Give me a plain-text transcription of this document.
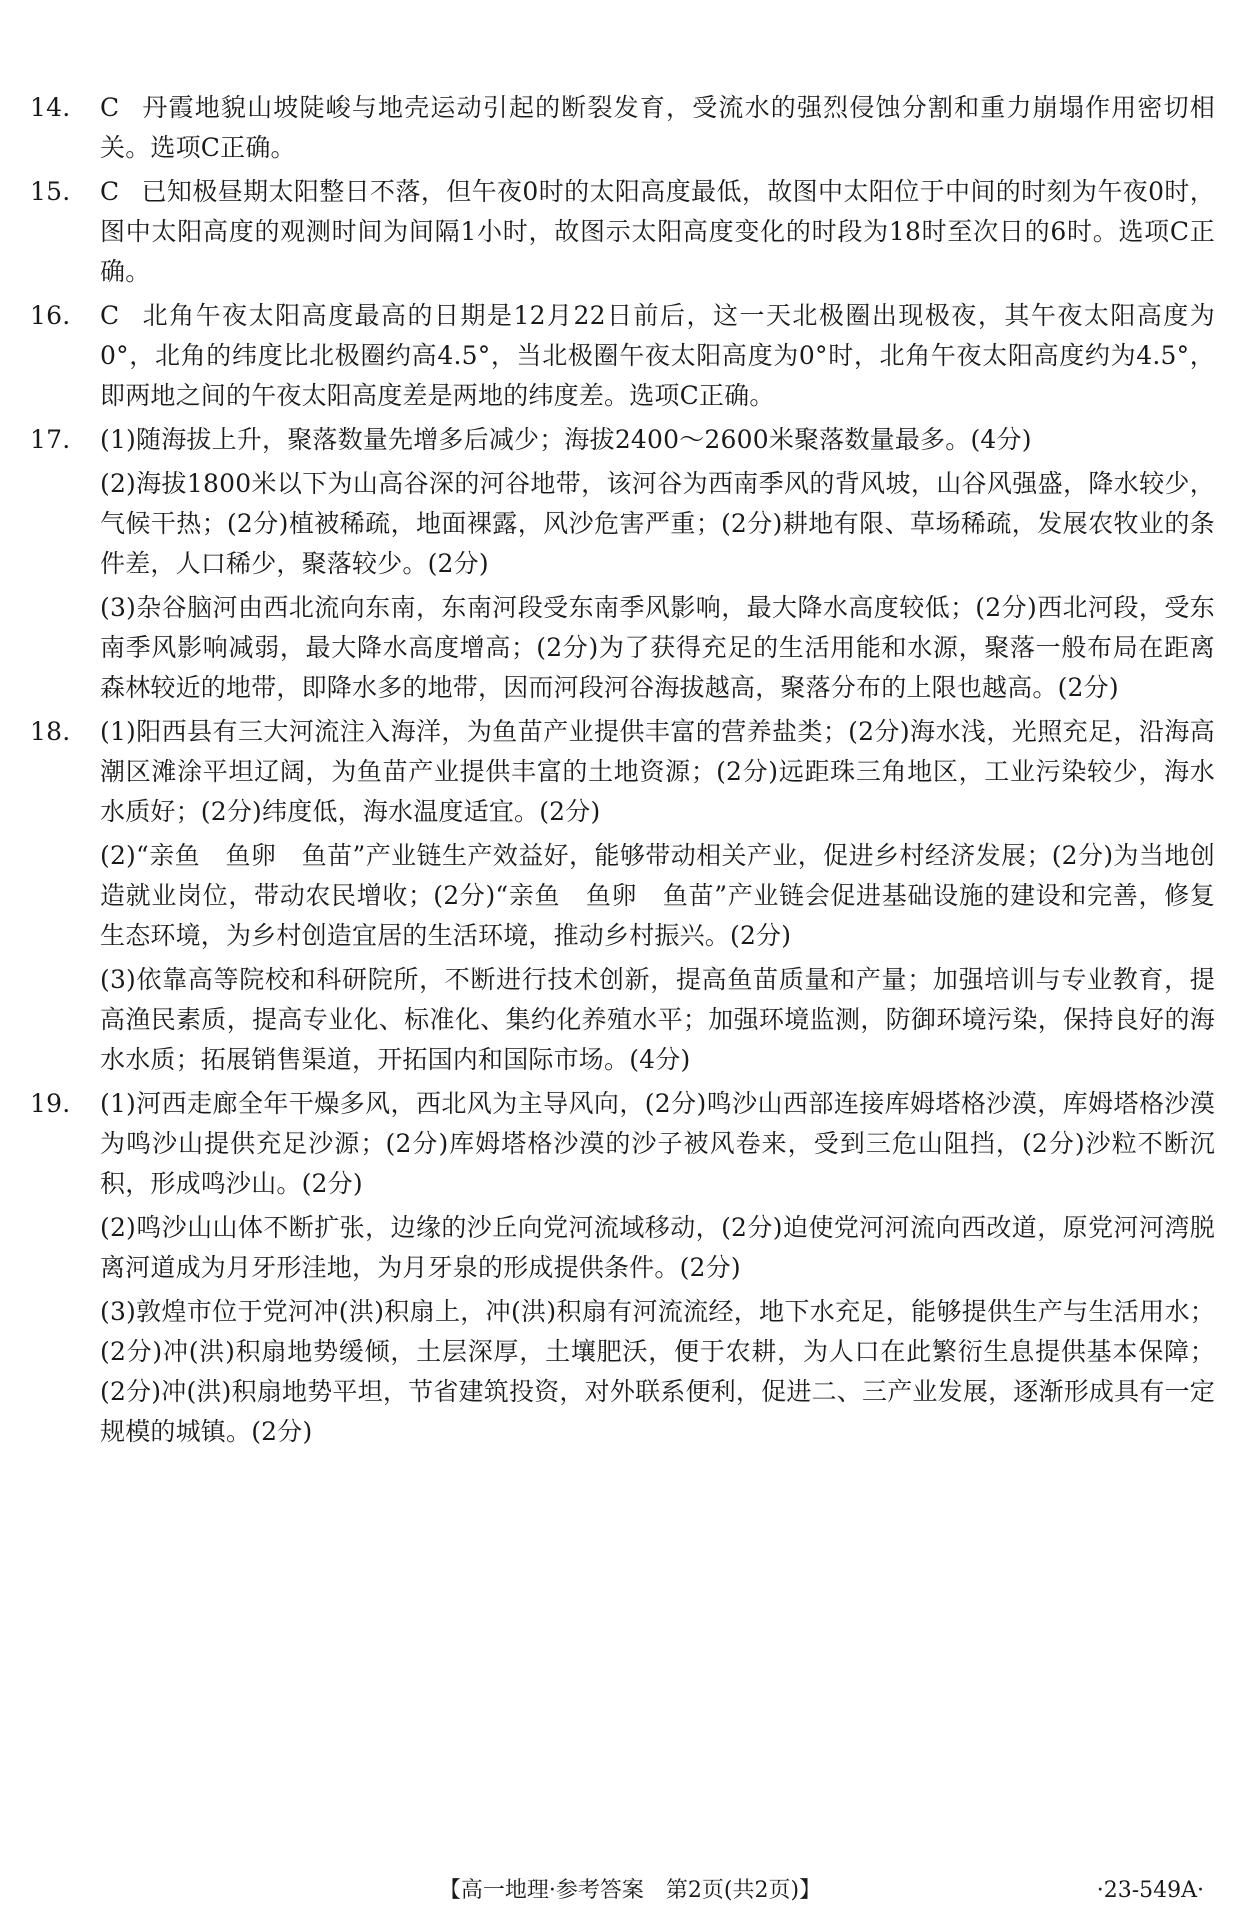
14.	C 丹霞地貌山坡陡峻与地壳运动引起的断裂发育，受流水的强烈侵蚀分割和重力崩塌作用密切相关。选项C正确。
15.	C 已知极昼期太阳整日不落，但午夜0时的太阳高度最低，故图中太阳位于中间的时刻为午夜0时，图中太阳高度的观测时间为间隔1小时，故图示太阳高度变化的时段为18时至次日的6时。选项C正确。
16.	C 北角午夜太阳高度最高的日期是12月22日前后，这一天北极圈出现极夜，其午夜太阳高度为0°，北角的纬度比北极圈约高4.5°，当北极圈午夜太阳高度为0°时，北角午夜太阳高度约为4.5°，即两地之间的午夜太阳高度差是两地的纬度差。选项C正确。
17.	(1)随海拔上升，聚落数量先增多后减少；海拔2400～2600米聚落数量最多。(4分)
(2)海拔1800米以下为山高谷深的河谷地带，该河谷为西南季风的背风坡，山谷风强盛，降水较少，气候干热；(2分)植被稀疏，地面裸露，风沙危害严重；(2分)耕地有限、草场稀疏，发展农牧业的条件差，人口稀少，聚落较少。(2分)
(3)杂谷脑河由西北流向东南，东南河段受东南季风影响，最大降水高度较低；(2分)西北河段，受东南季风影响减弱，最大降水高度增高；(2分)为了获得充足的生活用能和水源，聚落一般布局在距离森林较近的地带，即降水多的地带，因而河段河谷海拔越高，聚落分布的上限也越高。(2分)
18.	(1)阳西县有三大河流注入海洋，为鱼苗产业提供丰富的营养盐类；(2分)海水浅，光照充足，沿海高潮区滩涂平坦辽阔，为鱼苗产业提供丰富的土地资源；(2分)远距珠三角地区，工业污染较少，海水水质好；(2分)纬度低，海水温度适宜。(2分)
(2)“亲鱼　鱼卵　鱼苗”产业链生产效益好，能够带动相关产业，促进乡村经济发展；(2分)为当地创造就业岗位，带动农民增收；(2分)“亲鱼　鱼卵　鱼苗”产业链会促进基础设施的建设和完善，修复生态环境，为乡村创造宜居的生活环境，推动乡村振兴。(2分)
(3)依靠高等院校和科研院所，不断进行技术创新，提高鱼苗质量和产量；加强培训与专业教育，提高渔民素质，提高专业化、标准化、集约化养殖水平；加强环境监测，防御环境污染，保持良好的海水水质；拓展销售渠道，开拓国内和国际市场。(4分)
19.	(1)河西走廊全年干燥多风，西北风为主导风向，(2分)鸣沙山西部连接库姆塔格沙漠，库姆塔格沙漠为鸣沙山提供充足沙源；(2分)库姆塔格沙漠的沙子被风卷来，受到三危山阻挡，(2分)沙粒不断沉积，形成鸣沙山。(2分)
(2)鸣沙山山体不断扩张，边缘的沙丘向党河流域移动，(2分)迫使党河河流向西改道，原党河河湾脱离河道成为月牙形洼地，为月牙泉的形成提供条件。(2分)
(3)敦煌市位于党河冲(洪)积扇上，冲(洪)积扇有河流流经，地下水充足，能够提供生产与生活用水；(2分)冲(洪)积扇地势缓倾，土层深厚，土壤肥沃，便于农耕，为人口在此繁衍生息提供基本保障；(2分)冲(洪)积扇地势平坦，节省建筑投资，对外联系便利，促进二、三产业发展，逐渐形成具有一定规模的城镇。(2分)
【高一地理·参考答案　第2页(共2页)】	·23-549A·
